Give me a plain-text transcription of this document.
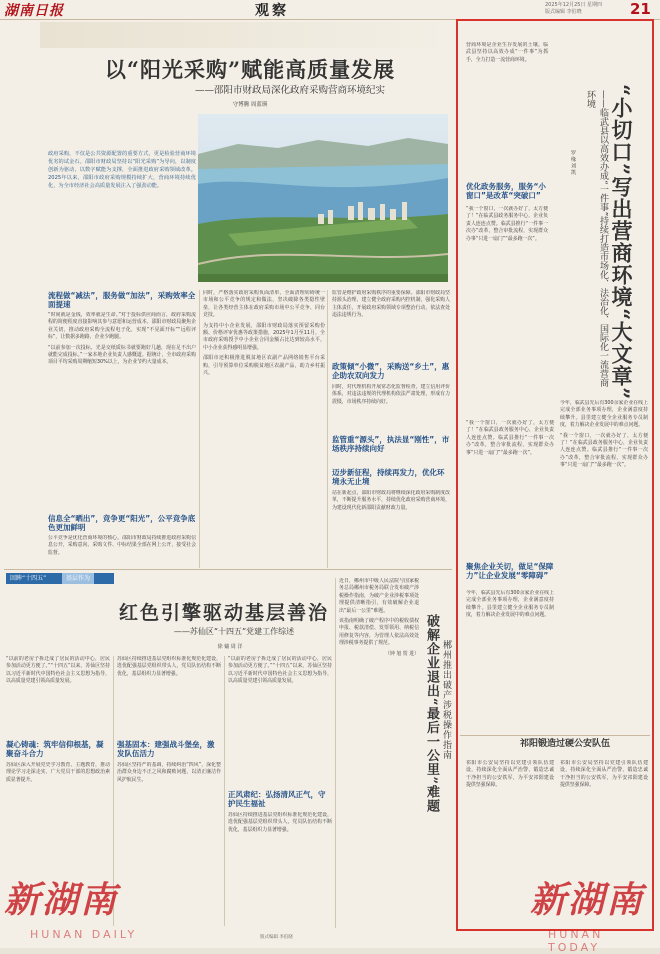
湖南日报	观察	2025年12月25日 星期四
版式编辑 李伯晓	21
以“阳光采购”赋能高质量发展
——邵阳市财政局深化政府采购营商环境纪实
守博腾 周蓝瑛
政府采购，不仅是公共资源配置的重要方式，更是检验营商环境优劣的试金石。邵阳市财政局坚持以“阳光采购”为导向，以制度创新为驱动，以数字赋能为支撑，全面推进政府采购领域改革。2025年以来，邵阳市政府采购规模持续扩大，营商环境持续优化，为全市经济社会高质量发展注入了强劲动能。
流程做“减法”，服务做“加法”，采购效率全面提速

“时间就是金钱，效率就是生命。”对于投标供应商而言，政府采购流程的简便程度直接影响其参与意愿和运营成本。邵阳市财政局聚焦企业关切，推动政府采购全流程电子化，实现“不见面开标”“远程评标”，让数据多跑路、企业少跑腿。

“以前参加一次投标，光是交纸质标书就要跑好几趟，现在足不出户就能完成投标。”一家本地企业负责人感慨道。据统计，全市政府采购项目平均采购周期缩短30%以上，为企业节约大量成本。

信息全“晒出”，竞争更“阳光”，公平竞争底色更加鲜明

公平竞争是优化营商环境的核心。邵阳市财政局持续推进政府采购信息公开，采购意向、采购文件、中标结果全部在网上公开，接受社会监督。

同时，严格落实政府采购负面清单，全面清理妨碍统一市场和公平竞争的规定和做法，坚决破除各类隐性壁垒，让各类经营主体在政府采购市场中公平竞争、同台竞技。

为支持中小企业发展，邵阳市财政局落实预留采购份额、价格评审优惠等政策措施，2025年1月至11月，全市政府采购授予中小企业合同金额占比达到较高水平，中小企业获得感明显增强。

邵阳市还积极推进脱贫地区农副产品网络销售平台采购，引导预算单位采购脱贫地区农副产品，助力乡村振兴。

政策倾“小微”，采购送“乡土”，惠企助农双向发力

监管是维护政府采购秩序的重要保障。邵阳市财政局坚持源头治理，建立健全政府采购内控机制，强化采购人主体责任，开展政府采购领域专项整治行动，依法查处违法违规行为。

监管重“源头”，执法显“刚性”，市场秩序持续向好

同时，对代理机构开展常态化监督检查，建立信用评价体系，对违法违规的代理机构依法严肃处理，形成有力震慑，市场秩序持续向好。

迈步新征程，持续再发力，优化环境永无止境

站在新起点，邵阳市财政局将继续深化政府采购制度改革，不断提升服务水平，持续优化政府采购营商环境，为建设现代化新邵阳贡献财政力量。

回眸“十四五”	基层作为
红色引擎驱动基层善治
——苏仙区“十四五”党建工作综述
徐 嫱 周 洋

“以前的老房子拆迁成了居民的活动中心，居民参加活动更方便了。”“十四五”以来，苏仙区坚持以习近平新时代中国特色社会主义思想为指导，以高质量党建引领高质量发展。

凝心铸魂：筑牢信仰根基，凝聚奋斗合力

苏仙区深入开展党史学习教育、主题教育，推动理论学习走深走实，广大党员干部的思想政治素质显著提升。

苏仙区持续推进基层党组织标准化规范化建设，选优配强基层党组织带头人，党员队伍结构不断优化，基层组织力显著增强。

强基固本：建强战斗堡垒，激发队伍活力

苏仙区坚持严的基调，持续纠治“四风”，深化整治群众身边不正之风和腐败问题，以清正廉洁作风护航民生。

正风肃纪：弘扬清风正气，守护民生福祉

“以前的老房子拆迁成了居民的活动中心，居民参加活动更方便了。”“十四五”以来，苏仙区坚持以习近平新时代中国特色社会主义思想为指导，以高质量党建引领高质量发展。

苏仙区持续推进基层党组织标准化规范化建设，选优配强基层党组织带头人，党员队伍结构不断优化，基层组织力显著增强。

近日，郴州市中级人民法院与国家税务总局郴州市税务局联合发布破产涉税操作指南，为破产企业涉税事项处理提供清晰指引，有效破解企业退出“最后一公里”难题。

该指南明确了破产程序中的税收债权申报、税款清偿、发票领用、纳税信用修复等内容，为管理人依法高效处理涉税事务提供了规范。

（钟 旭 贺 进） 破解企业退出“最后一公里”难题 郴州推出破产涉税操作指南

营商环境是企业生存发展的土壤。临武县坚持以高效办成“一件事”为抓手，全力打造一流营商环境。

优化政务服务，服务“小窗口”是改革“突破口”

“我一个窗口，一次就办好了，太方便了！”在临武县政务服务中心，企业负责人连连点赞。临武县推行“一件事一次办”改革，整合审批流程，实现群众办事“只进一扇门”“最多跑一次”。	“小切口”写出营商环境“大文章”
——临武县以高效办成“一件事”持续打造市场化、法治化、国际化一流营商环境
罗 缘 刘 凯

“我一个窗口，一次就办好了，太方便了！”在临武县政务服务中心，企业负责人连连点赞。临武县推行“一件事一次办”改革，整合审批流程，实现群众办事“只进一扇门”“最多跑一次”。

聚焦企业关切，做足“保障力”让企业发展“零障碍”

今年，临武县先后有300余家企业在线上完成全部业务事项办理，企业满意度持续攀升。县里建立健全企业服务专员制度，着力解决企业发展中的难点问题。

今年，临武县先后有300余家企业在线上完成全部业务事项办理，企业满意度持续攀升。县里建立健全企业服务专员制度，着力解决企业发展中的难点问题。

“我一个窗口，一次就办好了，太方便了！”在临武县政务服务中心，企业负责人连连点赞。临武县推行“一件事一次办”改革，整合审批流程，实现群众办事“只进一扇门”“最多跑一次”。

祁阳锻造过硬公安队伍

祁阳市公安局坚持以党建引领队伍建设，持续深化全面从严治警，锻造忠诚干净担当的公安铁军，为平安祁阳建设提供坚强保障。

祁阳市公安局坚持以党建引领队伍建设，持续深化全面从严治警，锻造忠诚干净担当的公安铁军，为平安祁阳建设提供坚强保障。

新湖南
HUNAN DAILY
新湖南
HUNAN TODAY
版式编辑 李伯晓
